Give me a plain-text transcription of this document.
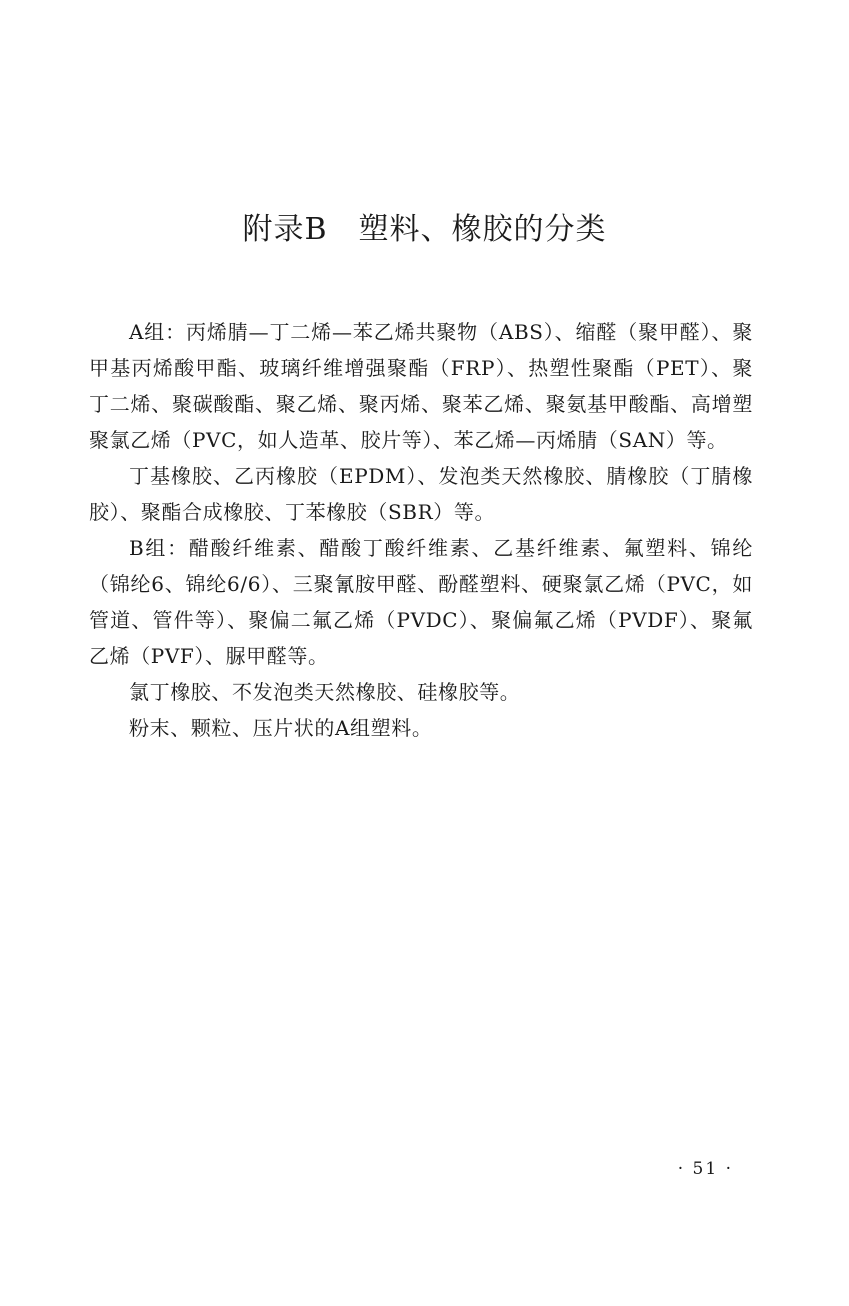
附录B　塑料、橡胶的分类

A组：丙烯腈—丁二烯—苯乙烯共聚物（ABS）、缩醛（聚甲醛）、聚甲基丙烯酸甲酯、玻璃纤维增强聚酯（FRP）、热塑性聚酯（PET）、聚丁二烯、聚碳酸酯、聚乙烯、聚丙烯、聚苯乙烯、聚氨基甲酸酯、高增塑聚氯乙烯（PVC，如人造革、胶片等）、苯乙烯—丙烯腈（SAN）等。

丁基橡胶、乙丙橡胶（EPDM）、发泡类天然橡胶、腈橡胶（丁腈橡胶）、聚酯合成橡胶、丁苯橡胶（SBR）等。

B组：醋酸纤维素、醋酸丁酸纤维素、乙基纤维素、氟塑料、锦纶（锦纶6、锦纶6/6）、三聚氰胺甲醛、酚醛塑料、硬聚氯乙烯（PVC，如管道、管件等）、聚偏二氟乙烯（PVDC）、聚偏氟乙烯（PVDF）、聚氟乙烯（PVF）、脲甲醛等。

氯丁橡胶、不发泡类天然橡胶、硅橡胶等。

粉末、颗粒、压片状的A组塑料。

· 51 ·
